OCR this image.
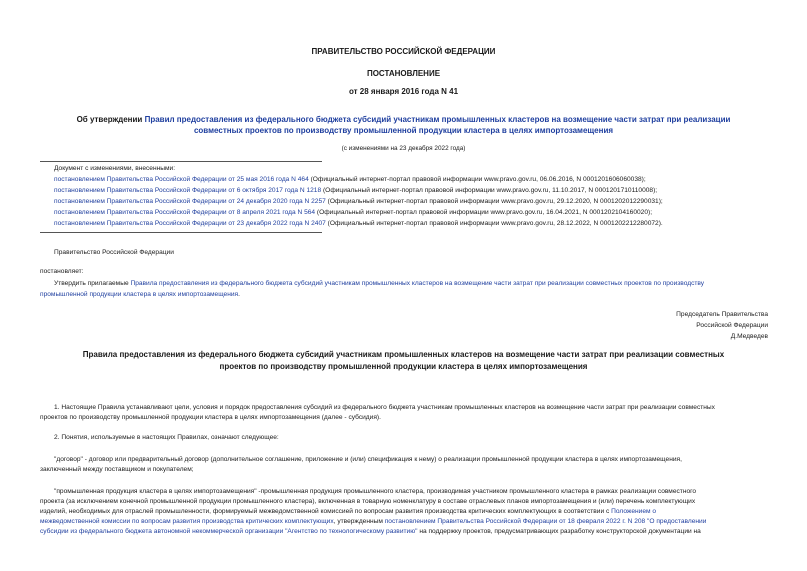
ПРАВИТЕЛЬСТВО РОССИЙСКОЙ ФЕДЕРАЦИИ
ПОСТАНОВЛЕНИЕ
от 28 января 2016 года N 41
Об утверждении Правил предоставления из федерального бюджета субсидий участникам промышленных кластеров на возмещение части затрат при реализации
совместных проектов по производству промышленной продукции кластера в целях импортозамещения
(с изменениями на 23 декабря 2022 года)
Документ с изменениями, внесенными:
постановлением Правительства Российской Федерации от 25 мая 2016 года N 464 (Официальный интернет-портал правовой информации www.pravo.gov.ru, 06.06.2016, N 0001201606060038);
постановлением Правительства Российской Федерации от 6 октября 2017 года N 1218 (Официальный интернет-портал правовой информации www.pravo.gov.ru, 11.10.2017, N 0001201710110008);
постановлением Правительства Российской Федерации от 24 декабря 2020 года N 2257 (Официальный интернет-портал правовой информации www.pravo.gov.ru, 29.12.2020, N 0001202012290031);
постановлением Правительства Российской Федерации от 8 апреля 2021 года N 564 (Официальный интернет-портал правовой информации www.pravo.gov.ru, 16.04.2021, N 0001202104160020);
постановлением Правительства Российской Федерации от 23 декабря 2022 года N 2407 (Официальный интернет-портал правовой информации www.pravo.gov.ru, 28.12.2022, N 0001202212280072).
Правительство Российской Федерации
постановляет:
Утвердить прилагаемые Правила предоставления из федерального бюджета субсидий участникам промышленных кластеров на возмещение части затрат при реализации совместных проектов по производству
промышленной продукции кластера в целях импортозамещения.
Председатель Правительства
Российской Федерации
Д.Медведев
Правила предоставления из федерального бюджета субсидий участникам промышленных кластеров на возмещение части затрат при реализации совместных
проектов по производству промышленной продукции кластера в целях импортозамещения
1. Настоящие Правила устанавливают цели, условия и порядок предоставления субсидий из федерального бюджета участникам промышленных кластеров на возмещение части затрат при реализации совместных
проектов по производству промышленной продукции кластера в целях импортозамещения (далее - субсидия).
2. Понятия, используемые в настоящих Правилах, означают следующее:
"договор" - договор или предварительный договор (дополнительное соглашение, приложение и (или) спецификация к нему) о реализации промышленной продукции кластера в целях импортозамещения,
заключенный между поставщиком и покупателем;
"промышленная продукция кластера в целях импортозамещения" -промышленная продукция промышленного кластера, производимая участником промышленного кластера в рамках реализации совместного
проекта (за исключением конечной промышленной продукции промышленного кластера), включенная в товарную номенклатуру в составе отраслевых планов импортозамещения и (или) перечень комплектующих
изделий, необходимых для отраслей промышленности, формируемый межведомственной комиссией по вопросам развития производства критических комплектующих в соответствии с Положением о
межведомственной комиссии по вопросам развития производства критических комплектующих, утвержденным постановлением Правительства Российской Федерации от 18 февраля 2022 г. N 208 "О предоставлении
субсидии из федерального бюджета автономной некоммерческой организации "Агентство по технологическому развитию" на поддержку проектов, предусматривающих разработку конструкторской документации на
